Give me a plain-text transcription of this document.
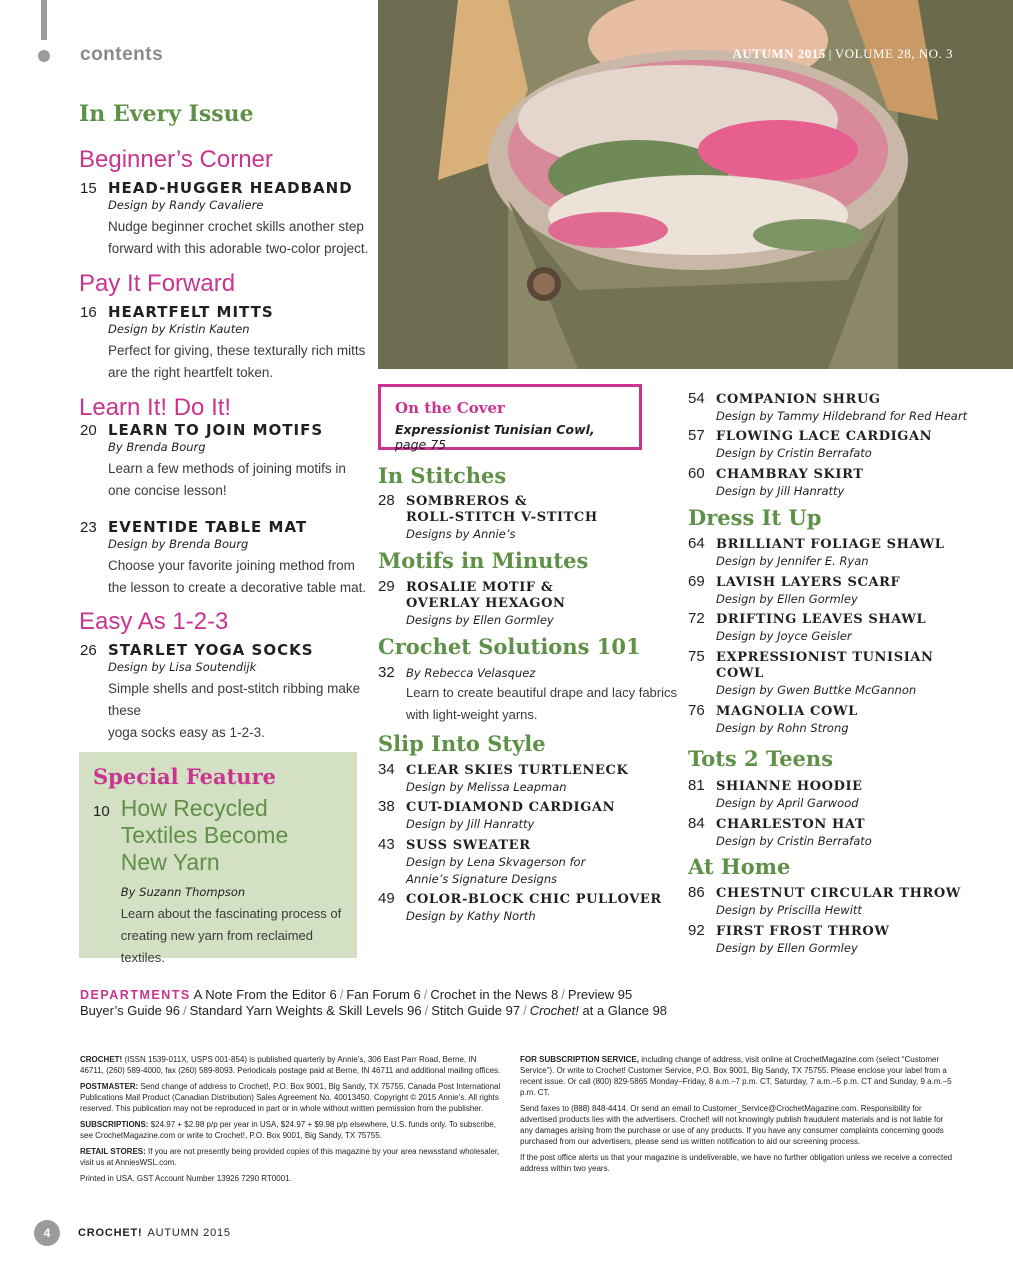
contents	AUTUMN 2015 | VOLUME 28, NO. 3
In Every Issue
Beginner’s Corner
15 HEAD-HUGGER HEADBAND
Design by Randy Cavaliere
Nudge beginner crochet skills another step
forward with this adorable two-color project.
Pay It Forward
16 HEARTFELT MITTS
Design by Kristin Kauten
Perfect for giving, these texturally rich mitts
are the right heartfelt token.
Learn It! Do It!
20 LEARN TO JOIN MOTIFS
By Brenda Bourg
Learn a few methods of joining motifs in
one concise lesson!
23 EVENTIDE TABLE MAT
Design by Brenda Bourg
Choose your favorite joining method from
the lesson to create a decorative table mat.
Easy As 1-2-3
26 STARLET YOGA SOCKS
Design by Lisa Soutendijk
Simple shells and post-stitch ribbing make these
yoga socks easy as 1-2-3.
Special Feature
10 How Recycled
Textiles Become
New Yarn
By Suzann Thompson
Learn about the fascinating process of
creating new yarn from reclaimed textiles.
On the Cover
Expressionist Tunisian Cowl, page 75
In Stitches
28 SOMBREROS &
ROLL-STITCH V-STITCH
Designs by Annie’s
Motifs in Minutes
29 ROSALIE MOTIF &
OVERLAY HEXAGON
Designs by Ellen Gormley
Crochet Solutions 101
32 By Rebecca Velasquez
Learn to create beautiful drape and lacy fabrics
with light-weight yarns.
Slip Into Style
34 CLEAR SKIES TURTLENECK
Design by Melissa Leapman
38 CUT-DIAMOND CARDIGAN
Design by Jill Hanratty
43 SUSS SWEATER
Design by Lena Skvagerson for
Annie’s Signature Designs
49 COLOR-BLOCK CHIC PULLOVER
Design by Kathy North
54 COMPANION SHRUG
Design by Tammy Hildebrand for Red Heart
57 FLOWING LACE CARDIGAN
Design by Cristin Berrafato
60 CHAMBRAY SKIRT
Design by Jill Hanratty
Dress It Up
64 BRILLIANT FOLIAGE SHAWL
Design by Jennifer E. Ryan
69 LAVISH LAYERS SCARF
Design by Ellen Gormley
72 DRIFTING LEAVES SHAWL
Design by Joyce Geisler
75 EXPRESSIONIST TUNISIAN
COWL
Design by Gwen Buttke McGannon
76 MAGNOLIA COWL
Design by Rohn Strong
Tots 2 Teens
81 SHIANNE HOODIE
Design by April Garwood
84 CHARLESTON HAT
Design by Cristin Berrafato
At Home
86 CHESTNUT CIRCULAR THROW
Design by Priscilla Hewitt
92 FIRST FROST THROW
Design by Ellen Gormley
DEPARTMENTS A Note From the Editor 6 / Fan Forum 6 / Crochet in the News 8 / Preview 95
Buyer’s Guide 96 / Standard Yarn Weights & Skill Levels 96 / Stitch Guide 97 / Crochet! at a Glance 98

CROCHET! (ISSN 1539-011X, USPS 001-854) is published quarterly by Annie’s, 306 East Parr Road, Berne, IN 46711, (260) 589-4000, fax (260) 589-8093. Periodicals postage paid at Berne, IN 46711 and additional mailing offices.

POSTMASTER: Send change of address to Crochet!, P.O. Box 9001, Big Sandy, TX 75755. Canada Post International Publications Mail Product (Canadian Distribution) Sales Agreement No. 40013450. Copyright © 2015 Annie’s. All rights reserved. This publication may not be reproduced in part or in whole without written permission from the publisher.

SUBSCRIPTIONS: $24.97 + $2.98 p/p per year in USA, $24.97 + $9.98 p/p elsewhere, U.S. funds only. To subscribe, see CrochetMagazine.com or write to Crochet!, P.O. Box 9001, Big Sandy, TX 75755.

RETAIL STORES: If you are not presently being provided copies of this magazine by your area newsstand wholesaler, visit us at AnniesWSL.com.

Printed in USA. GST Account Number 13926 7290 RT0001.

FOR SUBSCRIPTION SERVICE, including change of address, visit online at CrochetMagazine.com (select “Customer Service”). Or write to Crochet! Customer Service, P.O. Box 9001, Big Sandy, TX 75755. Please enclose your label from a recent issue. Or call (800) 829-5865 Monday–Friday, 8 a.m.–7 p.m. CT, Saturday, 7 a.m.–5 p.m. CT and Sunday, 9 a.m.–5 p.m. CT.

Send faxes to (888) 848-4414. Or send an email to Customer_Service@CrochetMagazine.com. Responsibility for advertised products lies with the advertisers. Crochet! will not knowingly publish fraudulent materials and is not liable for any damages arising from the purchase or use of any products. If you have any consumer complaints concerning goods purchased from our advertisers, please send us written notification to aid our screening process.

If the post office alerts us that your magazine is undeliverable, we have no further obligation unless we receive a corrected address within two years.

4	CROCHET! AUTUMN 2015
